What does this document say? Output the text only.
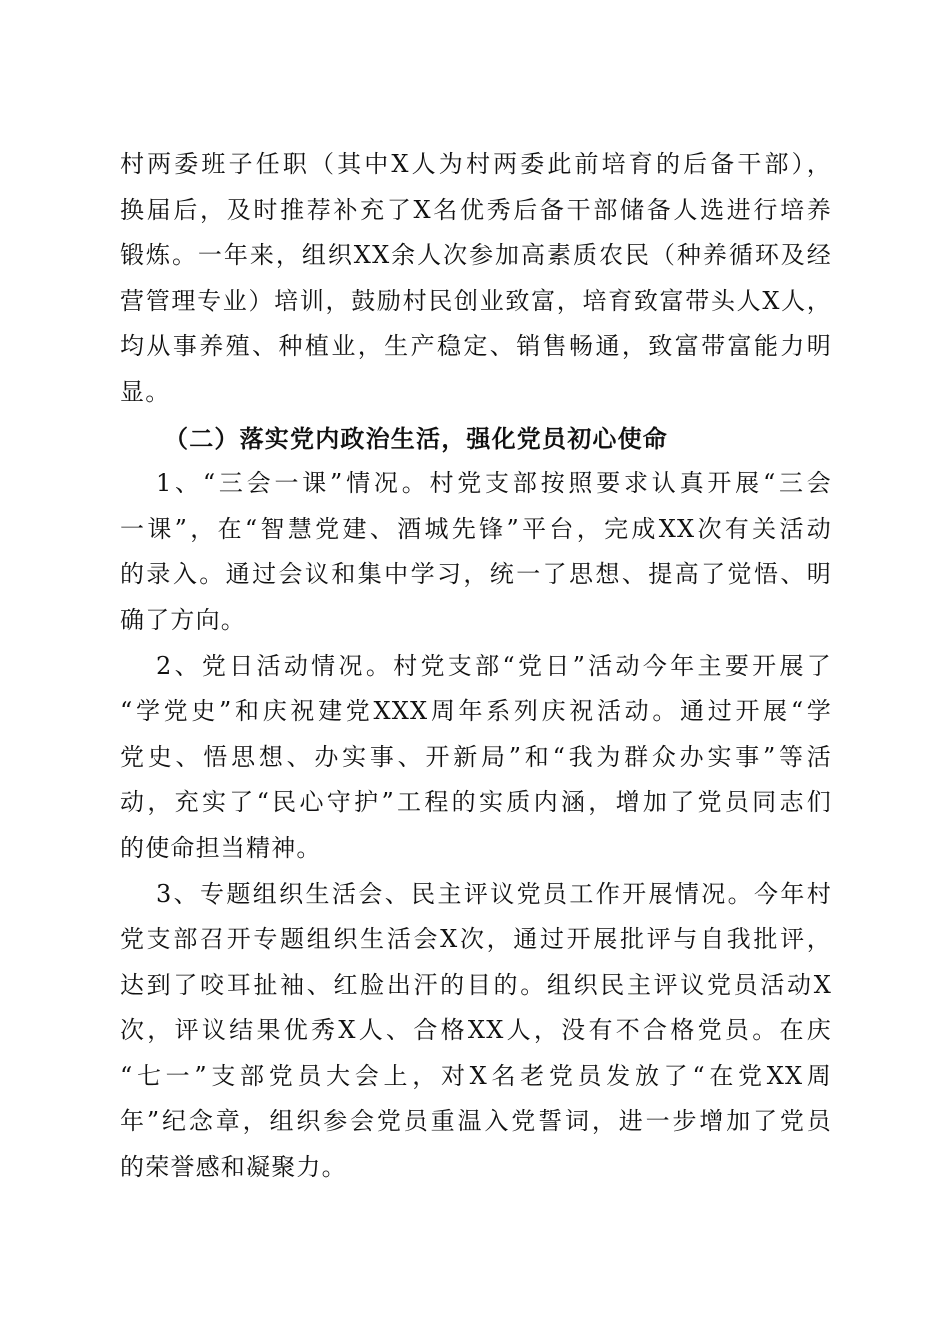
村两委班子任职（其中X人为村两委此前培育的后备干部），
换届后，及时推荐补充了X名优秀后备干部储备人选进行培养
锻炼。一年来，组织XX余人次参加高素质农民（种养循环及经
营管理专业）培训，鼓励村民创业致富，培育致富带头人X人，
均从事养殖、种植业，生产稳定、销售畅通，致富带富能力明
显。
（二）落实党内政治生活，强化党员初心使命
1、“三会一课”情况。村党支部按照要求认真开展“三会
一课”，在“智慧党建、酒城先锋”平台，完成XX次有关活动
的录入。通过会议和集中学习，统一了思想、提高了觉悟、明
确了方向。
2、党日活动情况。村党支部“党日”活动今年主要开展了
“学党史”和庆祝建党XXX周年系列庆祝活动。通过开展“学
党史、悟思想、办实事、开新局”和“我为群众办实事”等活
动，充实了“民心守护”工程的实质内涵，增加了党员同志们
的使命担当精神。
3、专题组织生活会、民主评议党员工作开展情况。今年村
党支部召开专题组织生活会X次，通过开展批评与自我批评，
达到了咬耳扯袖、红脸出汗的目的。组织民主评议党员活动X
次，评议结果优秀X人、合格XX人，没有不合格党员。在庆
“七一”支部党员大会上，对X名老党员发放了“在党XX周
年”纪念章，组织参会党员重温入党誓词，进一步增加了党员
的荣誉感和凝聚力。
